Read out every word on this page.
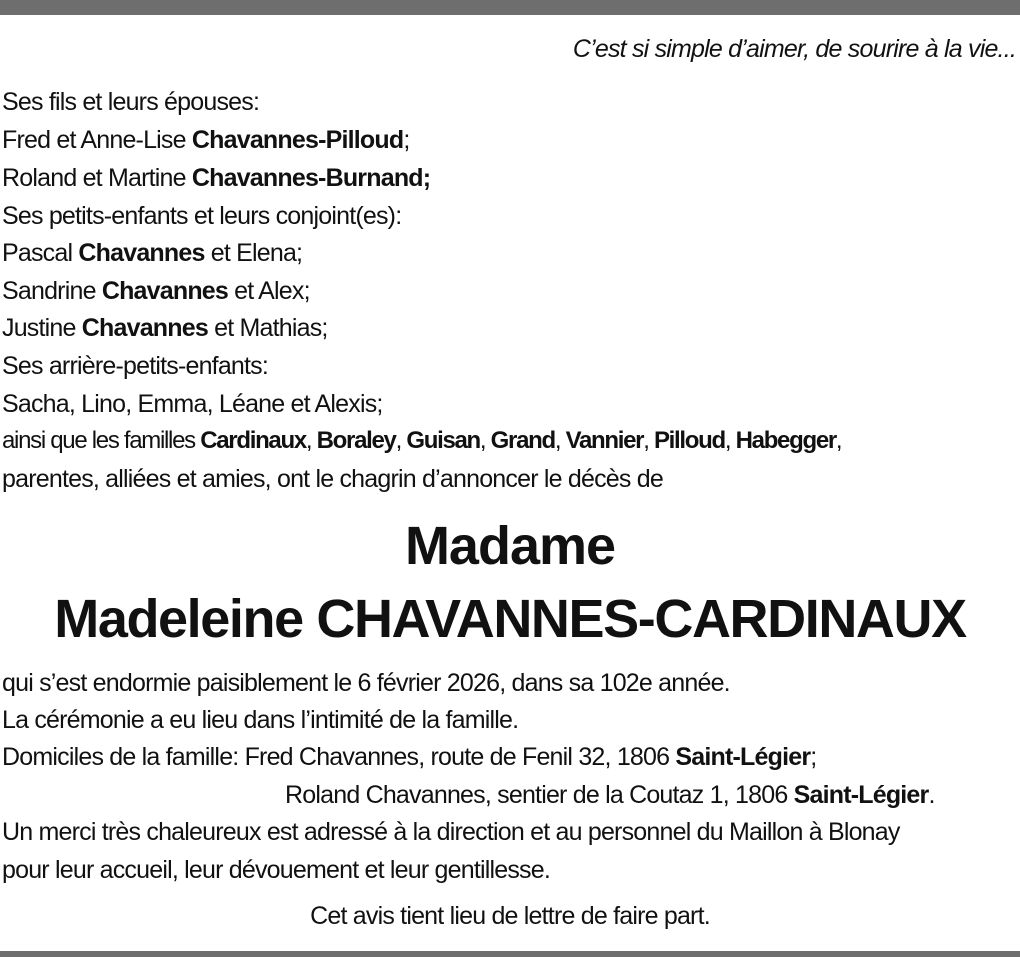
C’est si simple d’aimer, de sourire à la vie...
Ses fils et leurs épouses:
Fred et Anne-Lise Chavannes-Pilloud;
Roland et Martine Chavannes-Burnand;
Ses petits-enfants et leurs conjoint(es):
Pascal Chavannes et Elena;
Sandrine Chavannes et Alex;
Justine Chavannes et Mathias;
Ses arrière-petits-enfants:
Sacha, Lino, Emma, Léane et Alexis;
ainsi que les familles Cardinaux, Boraley, Guisan, Grand, Vannier, Pilloud, Habegger,
parentes, alliées et amies, ont le chagrin d’annoncer le décès de
Madame
Madeleine CHAVANNES-CARDINAUX
qui s’est endormie paisiblement le 6 février 2026, dans sa 102e année.
La cérémonie a eu lieu dans l’intimité de la famille.
Domiciles de la famille: Fred Chavannes, route de Fenil 32, 1806 Saint-Légier;
Roland Chavannes, sentier de la Coutaz 1, 1806 Saint-Légier.
Un merci très chaleureux est adressé à la direction et au personnel du Maillon à Blonay
pour leur accueil, leur dévouement et leur gentillesse.
Cet avis tient lieu de lettre de faire part.
